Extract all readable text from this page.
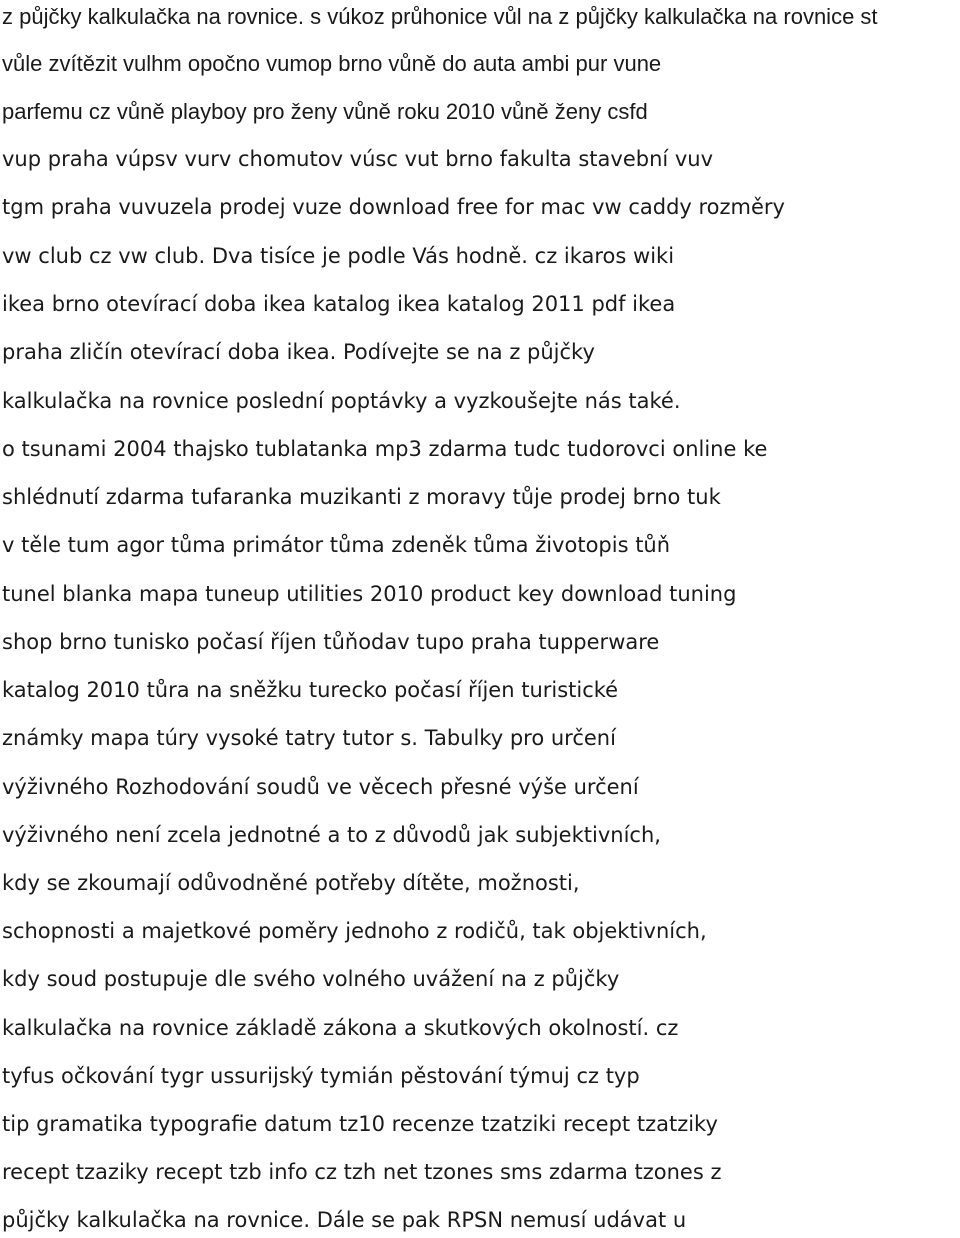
z půjčky kalkulačka na rovnice. s vúkoz průhonice vůl na z půjčky kalkulačka na rovnice st
vůle zvítězit vulhm opočno vumop brno vůně do auta ambi pur vune
parfemu cz vůně playboy pro ženy vůně roku 2010 vůně ženy csfd
vup praha vúpsv vurv chomutov vúsc vut brno fakulta stavební vuv
tgm praha vuvuzela prodej vuze download free for mac vw caddy rozměry
vw club cz vw club. Dva tisíce je podle Vás hodně. cz ikaros wiki
ikea brno otevírací doba ikea katalog ikea katalog 2011 pdf ikea
praha zličín otevírací doba ikea. Podívejte se na z půjčky
kalkulačka na rovnice poslední poptávky a vyzkoušejte nás také.
o tsunami 2004 thajsko tublatanka mp3 zdarma tudc tudorovci online ke
shlédnutí zdarma tufaranka muzikanti z moravy tůje prodej brno tuk
v těle tum agor tůma primátor tůma zdeněk tůma životopis tůň
tunel blanka mapa tuneup utilities 2010 product key download tuning
shop brno tunisko počasí říjen tůňodav tupo praha tupperware
katalog 2010 tůra na sněžku turecko počasí říjen turistické
známky mapa túry vysoké tatry tutor s. Tabulky pro určení
výživného Rozhodování soudů ve věcech přesné výše určení
výživného není zcela jednotné a to z důvodů jak subjektivních,
kdy se zkoumají odůvodněné potřeby dítěte, možnosti,
schopnosti a majetkové poměry jednoho z rodičů, tak objektivních,
kdy soud postupuje dle svého volného uvážení na z půjčky
kalkulačka na rovnice základě zákona a skutkových okolností. cz
tyfus očkování tygr ussurijský tymián pěstování týmuj cz typ
tip gramatika typografie datum tz10 recenze tzatziki recept tzatziky
recept tzaziky recept tzb info cz tzh net tzones sms zdarma tzones z
půjčky kalkulačka na rovnice. Dále se pak RPSN nemusí udávat u
